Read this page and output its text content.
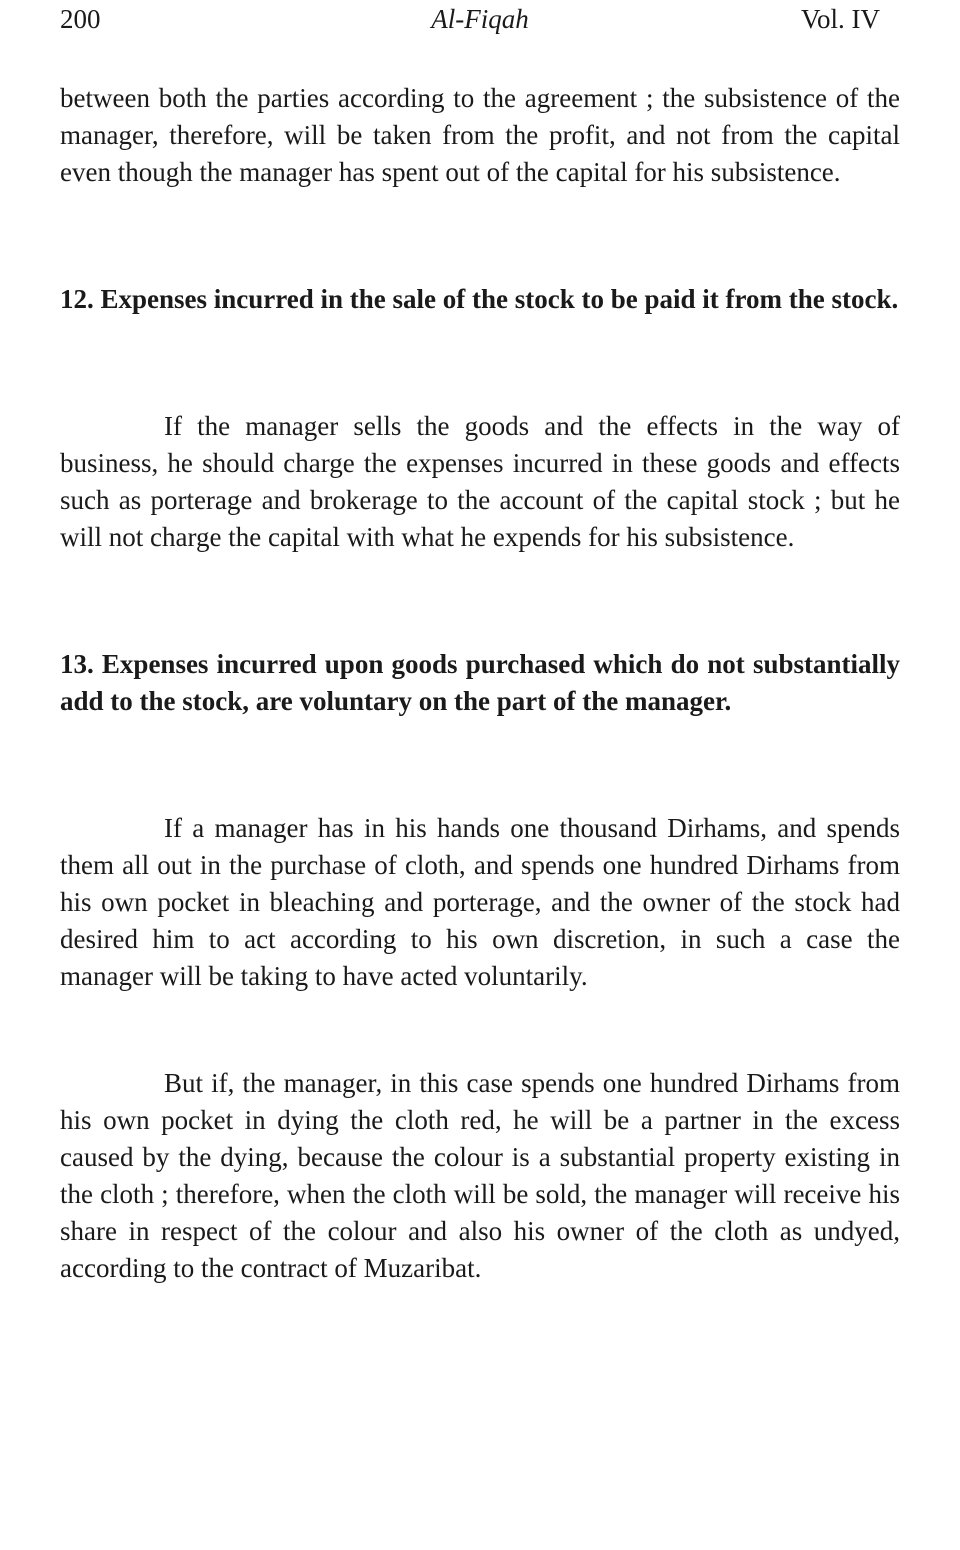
200	Al-Fiqah	Vol. IV

between both the parties according to the agreement ; the subsistence of the manager, therefore, will be taken from the profit, and not from the capital even though the manager has spent out of the capital for his subsistence.

12. Expenses incurred in the sale of the stock to be paid it from the stock.

If the manager sells the goods and the effects in the way of business, he should charge the expenses incurred in these goods and effects such as porterage and brokerage to the account of the capital stock ; but he will not charge the capital with what he expends for his subsistence.

13. Expenses incurred upon goods purchased which do not substantially add to the stock, are voluntary on the part of the manager.

If a manager has in his hands one thousand Dirhams, and spends them all out in the purchase of cloth, and spends one hundred Dirhams from his own pocket in bleaching and porterage, and the owner of the stock had desired him to act according to his own discretion, in such a case the manager will be taking to have acted voluntarily.

But if, the manager, in this case spends one hundred Dirhams from his own pocket in dying the cloth red, he will be a partner in the excess caused by the dying, because the colour is a substantial property existing in the cloth ; therefore, when the cloth will be sold, the manager will receive his share in respect of the colour and also his owner of the cloth as undyed, according to the contract of Muzaribat.
